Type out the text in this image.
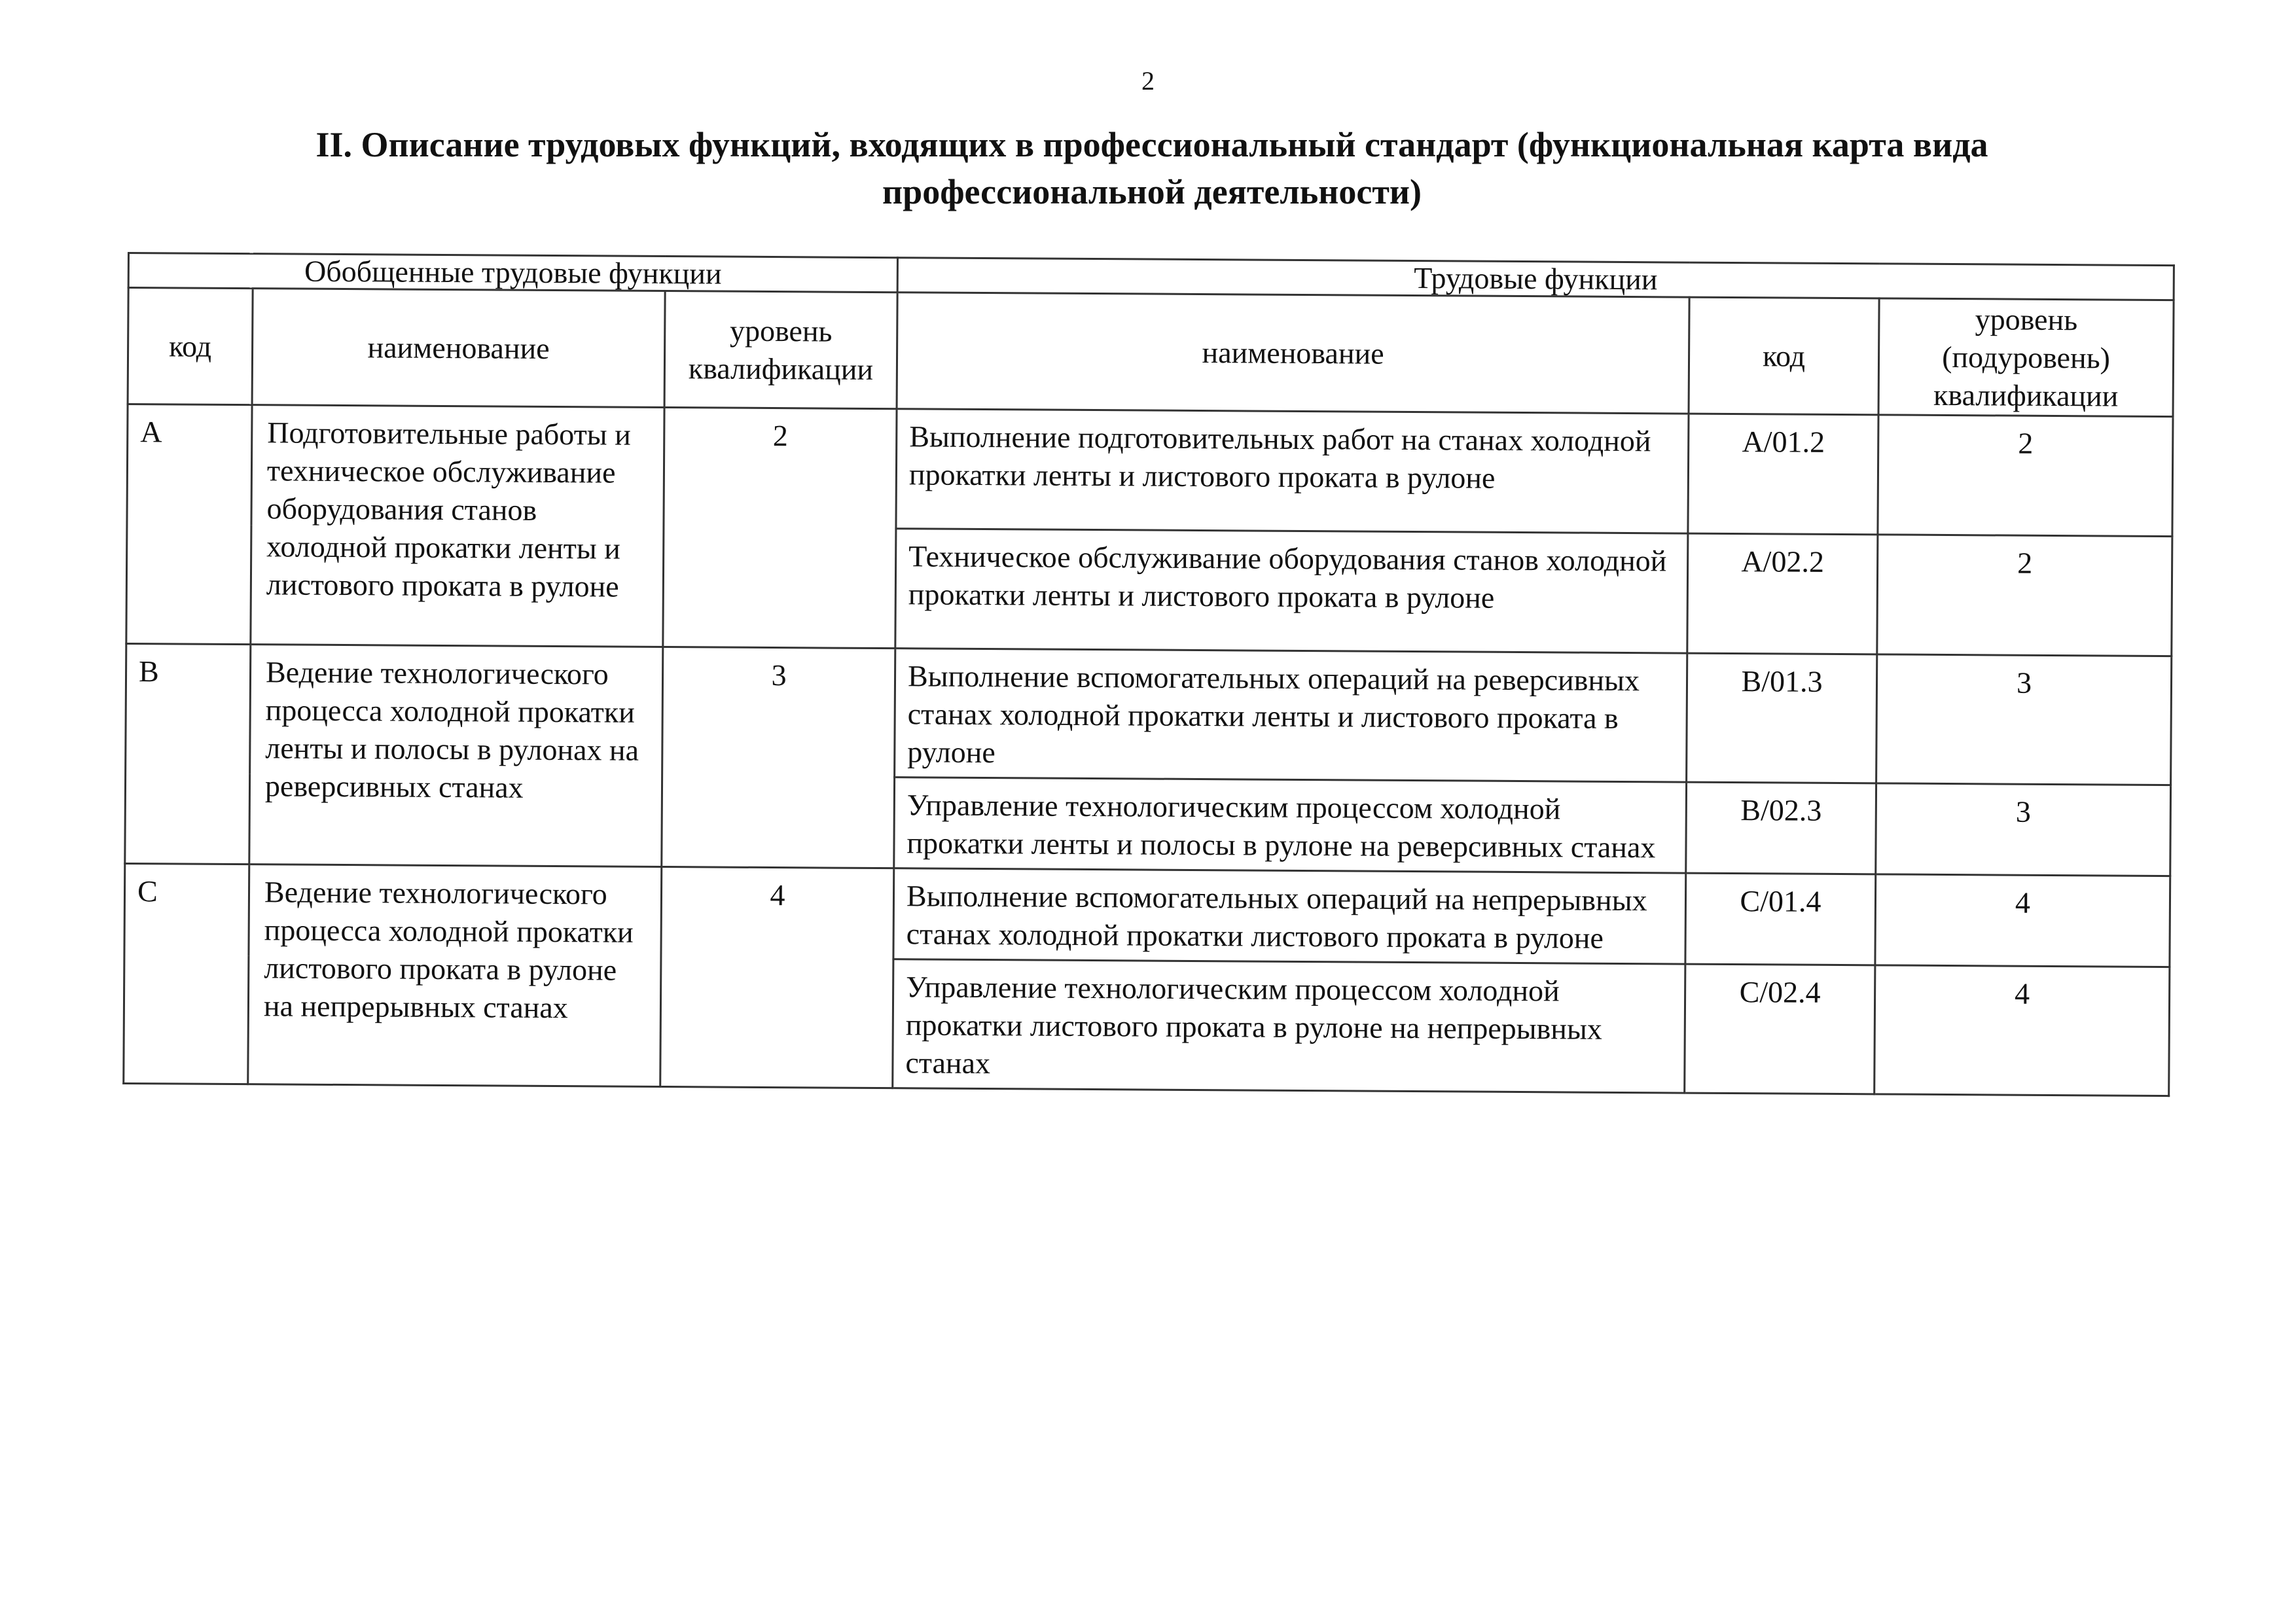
2
II. Описание трудовых функций, входящих в профессиональный стандарт (функциональная карта вида профессиональной деятельности)
Обобщенные трудовые функции			Трудовые функции		
код	наименование	уровень квалификации	наименование	код	уровень (подуровень) квалификации
A	Подготовительные работы и техническое обслуживание оборудования станов холодной прокатки ленты и листового проката в рулоне	2	Выполнение подготовительных работ на станах холодной прокатки ленты и листового проката в рулоне	A/01.2	2
			Техническое обслуживание оборудования станов холодной прокатки ленты и листового проката в рулоне	A/02.2	2
B	Ведение технологического процесса холодной прокатки ленты и полосы в рулонах на реверсивных станах	3	Выполнение вспомогательных операций на реверсивных станах холодной прокатки ленты и листового проката в рулоне	B/01.3	3
			Управление технологическим процессом холодной прокатки ленты и полосы в рулоне на реверсивных станах	B/02.3	3
C	Ведение технологического процесса холодной прокатки листового проката в рулоне на непрерывных станах	4	Выполнение вспомогательных операций на непрерывных станах холодной прокатки листового проката в рулоне	C/01.4	4
			Управление технологическим процессом холодной прокатки листового проката в рулоне на непрерывных станах	C/02.4	4
